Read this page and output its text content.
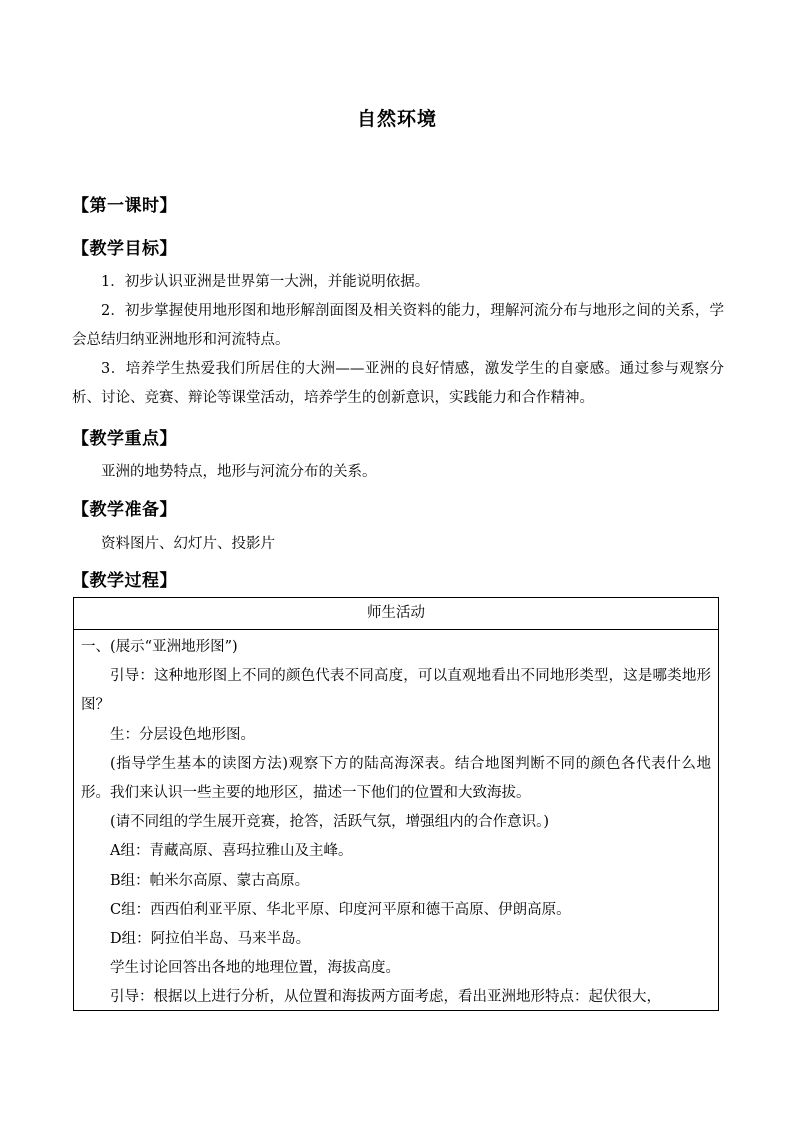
自然环境
【第一课时】
【教学目标】
1．初步认识亚洲是世界第一大洲，并能说明依据。
2．初步掌握使用地形图和地形解剖面图及相关资料的能力，理解河流分布与地形之间的关系，学会总结归纳亚洲地形和河流特点。
3．培养学生热爱我们所居住的大洲——亚洲的良好情感，激发学生的自豪感。通过参与观察分析、讨论、竞赛、辩论等课堂活动，培养学生的创新意识，实践能力和合作精神。
【教学重点】
亚洲的地势特点，地形与河流分布的关系。
【教学准备】
资料图片、幻灯片、投影片
【教学过程】
师生活动
一、(展示“亚洲地形图”)
引导：这种地形图上不同的颜色代表不同高度，可以直观地看出不同地形类型，这是哪类地形图？
生：分层设色地形图。
(指导学生基本的读图方法)观察下方的陆高海深表。结合地图判断不同的颜色各代表什么地形。我们来认识一些主要的地形区，描述一下他们的位置和大致海拔。
(请不同组的学生展开竞赛，抢答，活跃气氛，增强组内的合作意识。)
A组：青藏高原、喜玛拉雅山及主峰。
B组：帕米尔高原、蒙古高原。
C组：西西伯利亚平原、华北平原、印度河平原和德干高原、伊朗高原。
D组：阿拉伯半岛、马来半岛。
学生讨论回答出各地的地理位置，海拔高度。
引导：根据以上进行分析，从位置和海拔两方面考虑，看出亚洲地形特点：起伏很大，
